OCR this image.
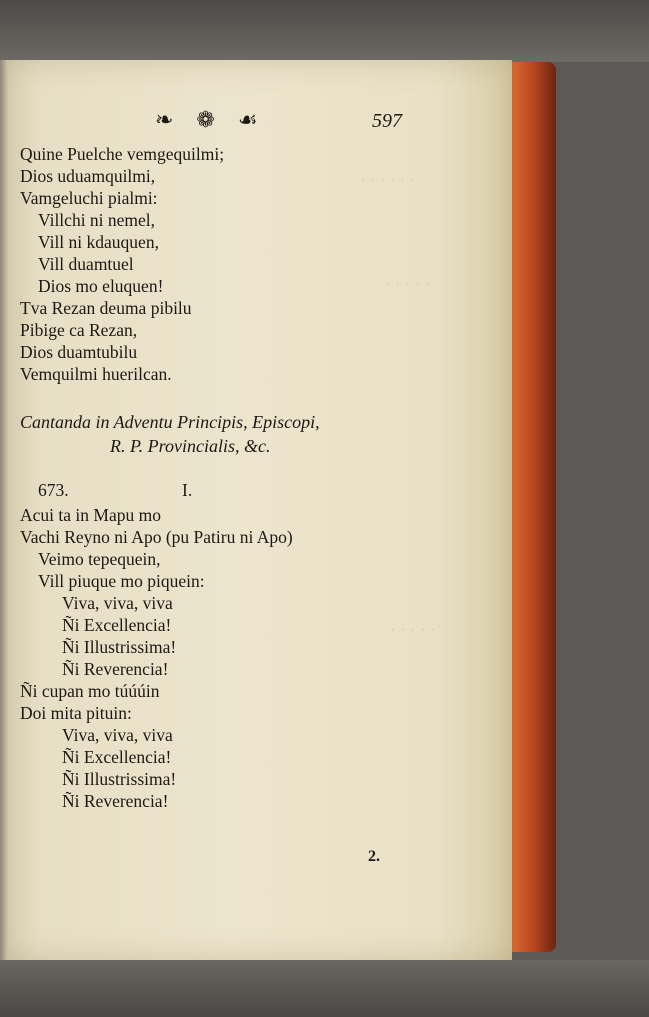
· · · · · ·
· · · · ·
· · · · ·
❧ ❁ ☙	597
Quine Puelche vemgequilmi;
Dios uduamquilmi,
Vamgeluchi pialmi:
Villchi ni nemel,
Vill ni kdauquen,
Vill duamtuel
Dios mo eluquen!
Tva Rezan deuma pibilu
Pibige ca Rezan,
Dios duamtubilu
Vemquilmi huerilcan.
Cantanda in Adventu Principis, Episcopi,
R. P. Provincialis, &c.
673.	I.
Acui ta in Mapu mo
Vachi Reyno ni Apo (pu Patiru ni Apo)
Veimo tepequein,
Vill piuque mo piquein:
Viva, viva, viva
Ñi Excellencia!
Ñi Illustrissima!
Ñi Reverencia!
Ñi cupan mo túúúin
Doi mita pituin:
Viva, viva, viva
Ñi Excellencia!
Ñi Illustrissima!
Ñi Reverencia!
2.
